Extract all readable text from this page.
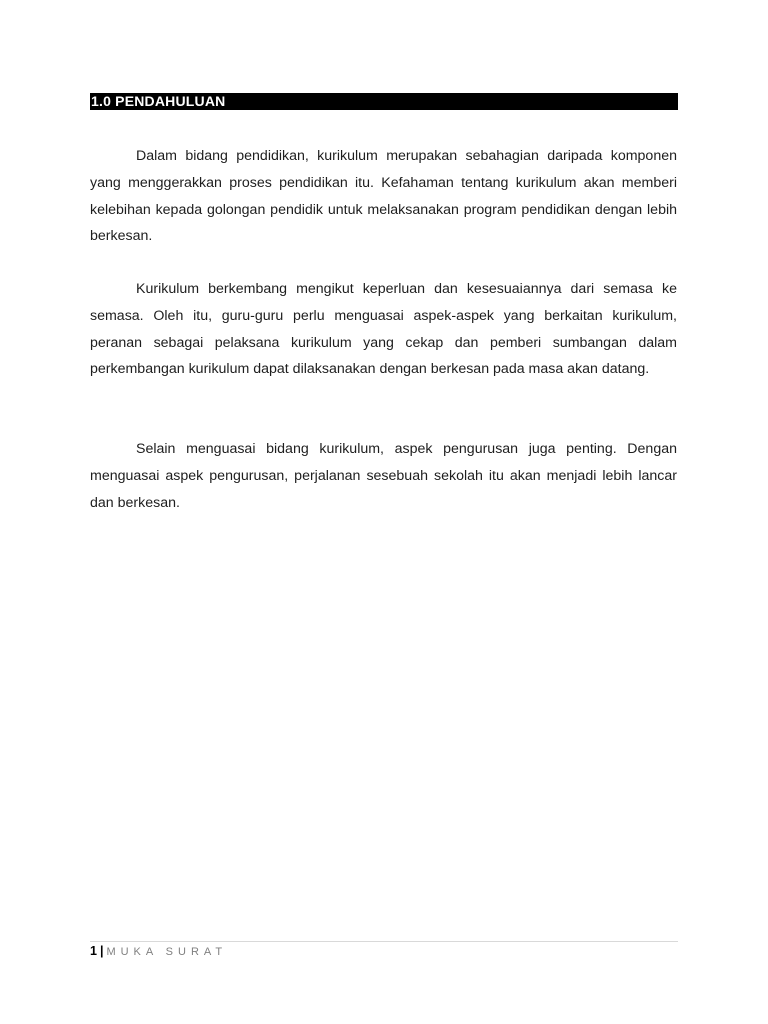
1.0 PENDAHULUAN

Dalam bidang pendidikan, kurikulum merupakan sebahagian daripada komponen yang menggerakkan proses pendidikan itu. Kefahaman tentang kurikulum akan memberi kelebihan kepada golongan pendidik untuk melaksanakan program pendidikan dengan lebih berkesan.

Kurikulum berkembang mengikut keperluan dan kesesuaiannya dari semasa ke semasa. Oleh itu, guru-guru perlu menguasai aspek-aspek yang berkaitan kurikulum, peranan sebagai pelaksana kurikulum yang cekap dan pemberi sumbangan dalam perkembangan kurikulum dapat dilaksanakan dengan berkesan pada masa akan datang.

Selain menguasai bidang kurikulum, aspek pengurusan juga penting. Dengan menguasai aspek pengurusan, perjalanan sesebuah sekolah itu akan menjadi lebih lancar dan berkesan.

1 | MUKA SURAT
